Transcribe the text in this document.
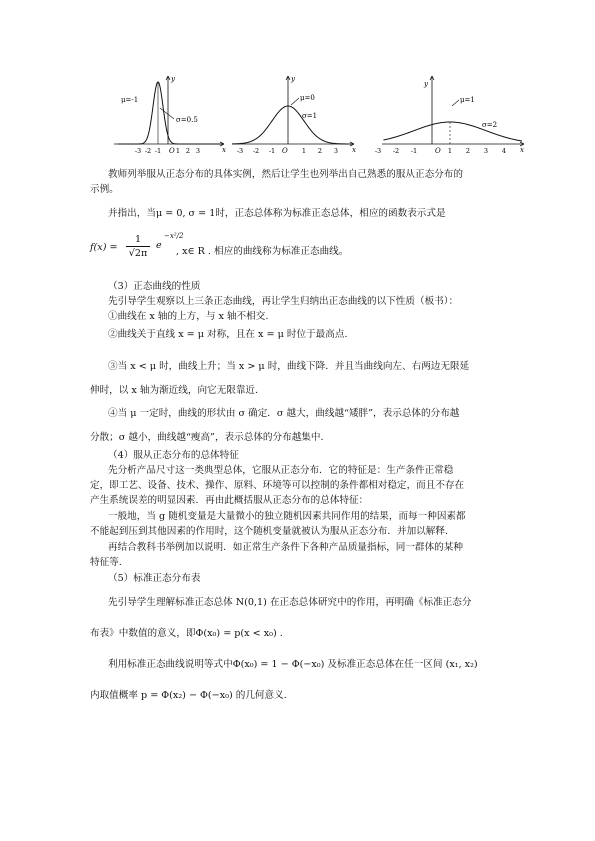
y
x
O
-3 -2 -1 1 2 3
μ=-1
σ=0.5
y
x
O
-3 -2 -1	1 2 3
μ=0
σ=1
y
x
O
-3 -2 -1	1 2 3 4
μ=1
σ=2
教师列举服从正态分布的具体实例，然后让学生也列举出自己熟悉的服从正态分布的
示例。
并指出，当μ = 0, σ = 1时，正态总体称为标准正态总体，相应的函数表示式是
$f(x) = \frac{1}{√2\pi}$ e
−x²/2
, x∈ R . 相应的曲线称为标准正态曲线。
（3）正态曲线的性质
先引导学生观察以上三条正态曲线，再让学生归纳出正态曲线的以下性质（板书）：
①曲线在 x 轴的上方，与 x 轴不相交.
②曲线关于直线 x = μ 对称，且在 x = μ 时位于最高点.
③当 x < μ 时，曲线上升；当 x > μ 时，曲线下降．并且当曲线向左、右两边无限延
伸时，以 x 轴为渐近线，向它无限靠近.
④当 μ 一定时，曲线的形状由 σ 确定．σ 越大，曲线越“矮胖”，表示总体的分布越
分散；σ 越小，曲线越“瘦高”，表示总体的分布越集中.
（4）服从正态分布的总体特征
先分析产品尺寸这一类典型总体，它服从正态分布．它的特征是：生产条件正常稳
定，即工艺、设备、技术、操作、原料、环境等可以控制的条件都相对稳定，而且不存在
产生系统误差的明显因素．再由此概括服从正态分布的总体特征：
一般地，当 g 随机变量是大量微小的独立随机因素共同作用的结果，而每一种因素都
不能起到压到其他因素的作用时，这个随机变量就被认为服从正态分布．并加以解释.
再结合教科书举例加以说明．如正常生产条件下各种产品质量指标，同一群体的某种
特征等.
（5）标准正态分布表
先引导学生理解标准正态总体 N(0,1) 在正态总体研究中的作用，再明确《标准正态分
布表》中数值的意义，即Φ(x₀) = p(x < x₀) .
利用标准正态曲线说明等式中Φ(x₀) = 1 − Φ(−x₀) 及标准正态总体在任一区间 (x₁, x₂)
内取值概率 p = Φ(x₂) − Φ(−x₀) 的几何意义.
